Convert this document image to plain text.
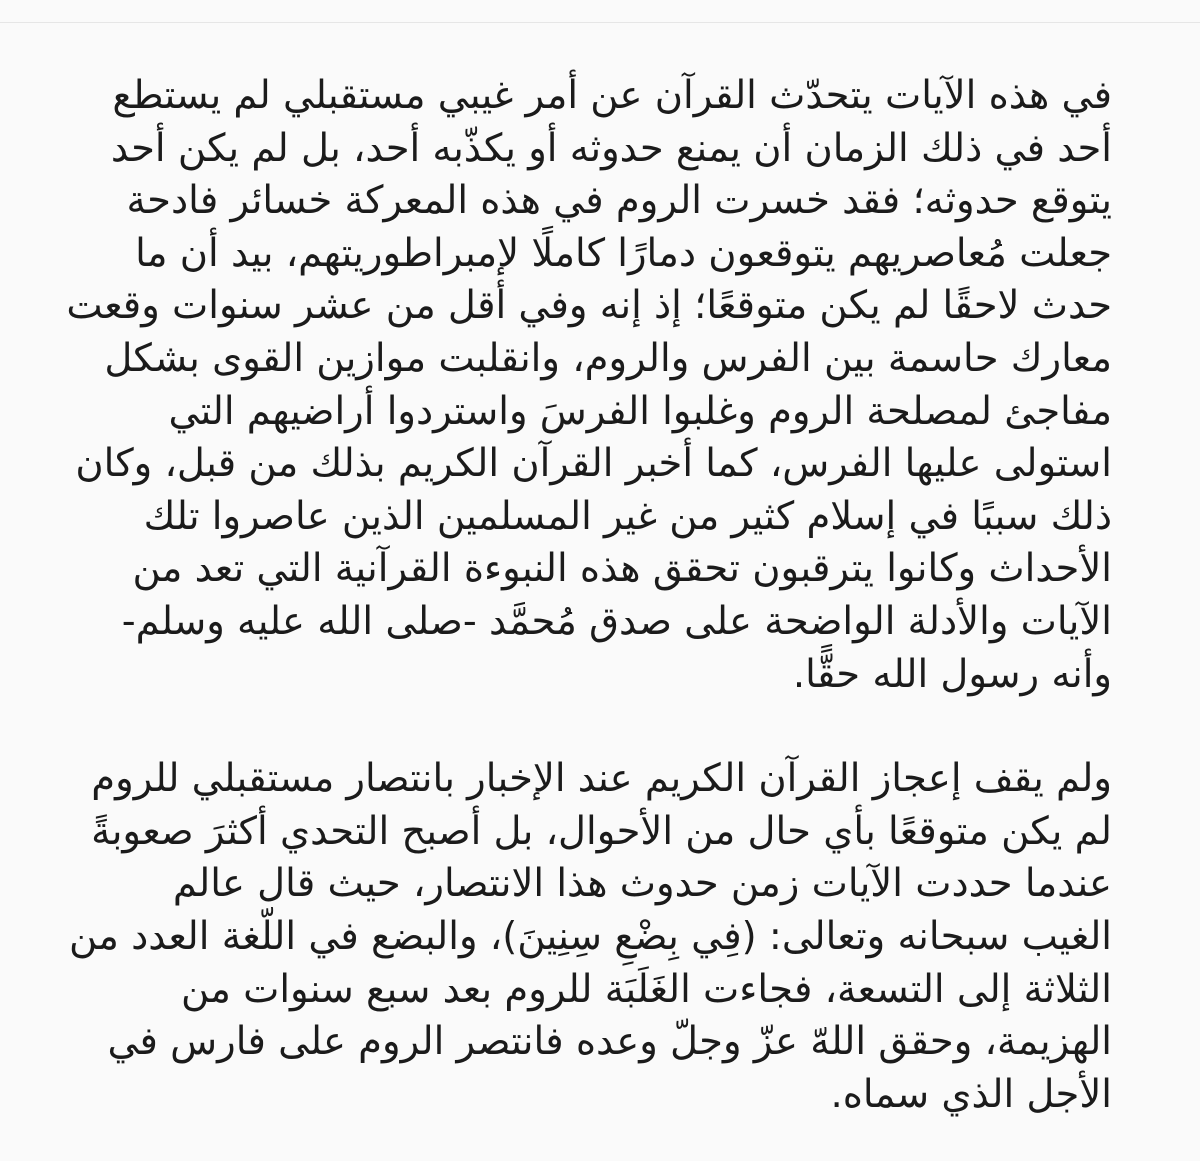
في هذه الآيات يتحدّث القرآن عن أمر غيبي مستقبلي لم يستطع
أحد في ذلك الزمان أن يمنع حدوثه أو يكذّبه أحد، بل لم يكن أحد
يتوقع حدوثه؛ فقد خسرت الروم في هذه المعركة خسائر فادحة
جعلت مُعاصريهم يتوقعون دمارًا كاملًا لإمبراطوريتهم، بيد أن ما
حدث لاحقًا لم يكن متوقعًا؛ إذ إنه وفي أقل من عشر سنوات وقعت
معارك حاسمة بين الفرس والروم، وانقلبت موازين القوى بشكل
مفاجئ لمصلحة الروم وغلبوا الفرسَ واستردوا أراضيهم التي
استولى عليها الفرس، كما أخبر القرآن الكريم بذلك من قبل، وكان
ذلك سببًا في إسلام كثير من غير المسلمين الذين عاصروا تلك
الأحداث وكانوا يترقبون تحقق هذه النبوءة القرآنية التي تعد من
الآيات والأدلة الواضحة على صدق مُحمَّد -صلى الله عليه وسلم-
وأنه رسول الله حقًّا.
ولم يقف إعجاز القرآن الكريم عند الإخبار بانتصار مستقبلي للروم
لم يكن متوقعًا بأي حال من الأحوال، بل أصبح التحدي أكثرَ صعوبةً
عندما حددت الآيات زمن حدوث هذا الانتصار، حيث قال عالم
الغيب سبحانه وتعالى: (فِي بِضْعِ سِنِينَ)، والبضع في اللّغة العدد من
الثلاثة إلى التسعة، فجاءت الغَلَبَة للروم بعد سبع سنوات من
الهزيمة، وحقق اللهّ عزّ وجلّ وعده فانتصر الروم على فارس في
الأجل الذي سماه.
